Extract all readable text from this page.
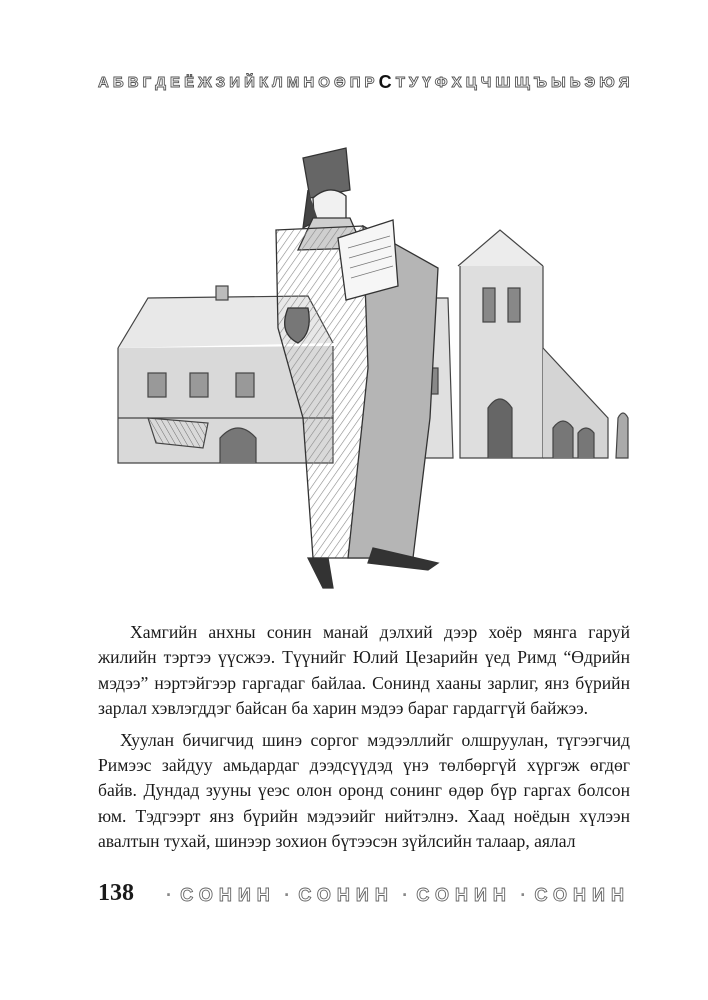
А Б В Г Д Е Ё Ж З И Й К Л М Н О Ө П Р С Т У Ү Ф Х Ц Ч Ш Щ Ъ Ы Ь Э Ю Я

Хамгийн анхны сонин манай дэлхий дээр хоёр мянга гаруй жилийн тэртээ үүсжээ. Түүнийг Юлий Цезарийн үед Римд “Өдрийн мэдээ” нэртэйгээр гаргадаг байлаа. Сонинд хааны зарлиг, янз бүрийн зарлал хэвлэгддэг байсан ба харин мэдээ бараг гардаггүй байжээ.

Хуулан бичигчид шинэ соргог мэдээллийг олшруулан, түгээгчид Римээс зайдуу амьдардаг дээдсүүдэд үнэ төлбөргүй хүргэж өгдөг байв. Дундад зууны үеэс олон оронд сонинг өдөр бүр гаргах болсон юм. Тэдгээрт янз бүрийн мэдээийг нийтэлнэ. Хаад ноёдын хүлээн авалтын тухай, шинээр зохион бүтээсэн зүйлсийн талаар, аялал

138 · СОНИН · СОНИН · СОНИН · СОНИН
